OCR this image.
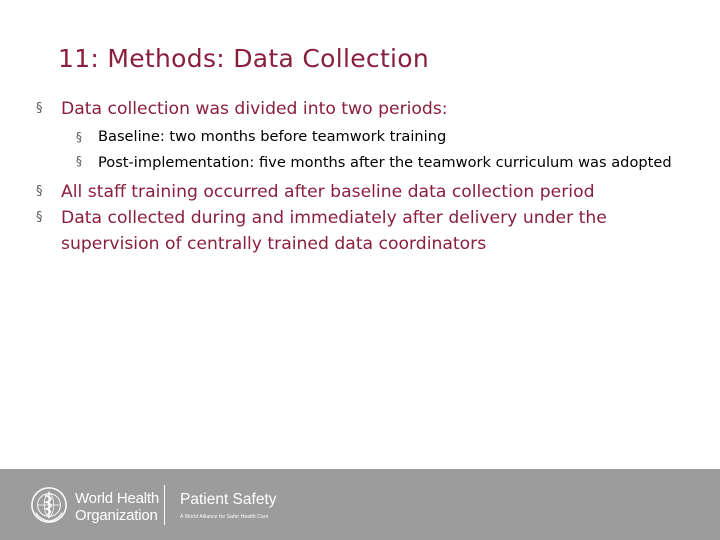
11: Methods: Data Collection
§ Data collection was divided into two periods:
§ Baseline: two months before teamwork training
§ Post-implementation: five months after the teamwork curriculum was adopted
§ All staff training occurred after baseline data collection period
§ Data collected during and immediately after delivery under the supervision of centrally trained data coordinators
World Health
Organization
Patient Safety
A World Alliance for Safer Health Care
